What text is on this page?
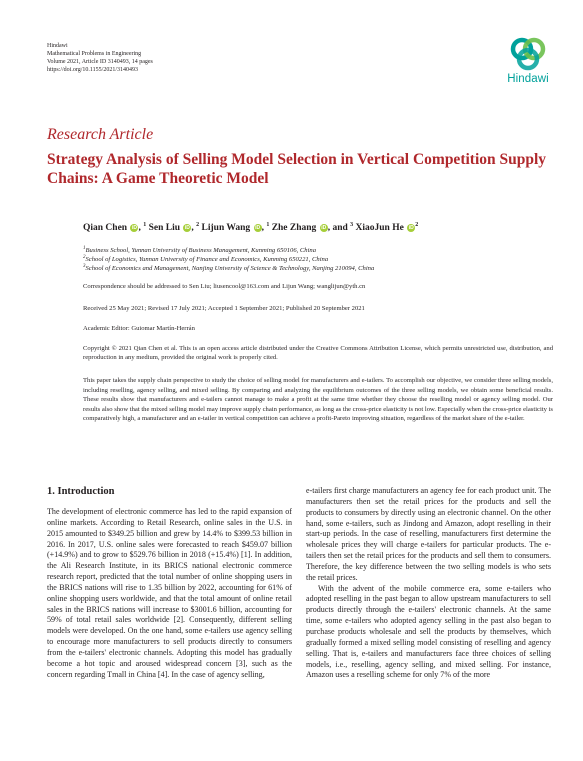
Hindawi
Mathematical Problems in Engineering
Volume 2021, Article ID 3140493, 14 pages
https://doi.org/10.1155/2021/3140493
Hindawi
Research Article
Strategy Analysis of Selling Model Selection in Vertical Competition Supply Chains: A Game Theoretic Model
Qian Chen iD , $^1$ Sen Liu iD , $^2$ Lijun Wang iD , $^1$ Zhe Zhang iD , and $^3$ XiaoJun He $iD^2$
$^1$Business School, Yunnan University of Business Management, Kunming 650106, China
$^2$School of Logistics, Yunnan University of Finance and Economics, Kunming 650221, China
$^3$School of Economics and Management, Nanjing University of Science & Technology, Nanjing 210094, China
Correspondence should be addressed to Sen Liu; liusencool@163.com and Lijun Wang; wanglijun@yth.cn
Received 25 May 2021; Revised 17 July 2021; Accepted 1 September 2021; Published 20 September 2021
Academic Editor: Guiomar Martín-Herrán
Copyright © 2021 Qian Chen et al. This is an open access article distributed under the Creative Commons Attribution License, which permits unrestricted use, distribution, and reproduction in any medium, provided the original work is properly cited.
This paper takes the supply chain perspective to study the choice of selling model for manufacturers and e-tailers. To accomplish our objective, we consider three selling models, including reselling, agency selling, and mixed selling. By comparing and analyzing the equilibrium outcomes of the three selling models, we obtain some beneficial results. These results show that manufacturers and e-tailers cannot manage to make a profit at the same time whether they choose the reselling model or agency selling model. Our results also show that the mixed selling model may improve supply chain performance, as long as the cross-price elasticity is not low. Especially when the cross-price elasticity is comparatively high, a manufacturer and an e-tailer in vertical competition can achieve a profit-Pareto improving situation, regardless of the market share of the e-tailer.
1. Introduction

The development of electronic commerce has led to the rapid expansion of online markets. According to Retail Research, online sales in the U.S. in 2015 amounted to $349.25 billion and grew by 14.4% to $399.53 billion in 2016. In 2017, U.S. online sales were forecasted to reach $459.07 billion (+14.9%) and to grow to $529.76 billion in 2018 (+15.4%) [1]. In addition, the Ali Research Institute, in its BRICS national electronic commerce research report, predicted that the total number of online shopping users in the BRICS nations will rise to 1.35 billion by 2022, accounting for 61% of online shopping users worldwide, and that the total amount of online retail sales in the BRICS nations will increase to $3001.6 billion, accounting for 59% of total retail sales worldwide [2]. Consequently, different selling models were developed. On the one hand, some e-tailers use agency selling to encourage more manufacturers to sell products directly to consumers from the e-tailers' electronic channels. Adopting this model has gradually become a hot topic and aroused widespread concern [3], such as the concern regarding Tmall in China [4]. In the case of agency selling,

e-tailers first charge manufacturers an agency fee for each product unit. The manufacturers then set the retail prices for the products and sell the products to consumers by directly using an electronic channel. On the other hand, some e-tailers, such as Jindong and Amazon, adopt reselling in their start-up periods. In the case of reselling, manufacturers first determine the wholesale prices they will charge e-tailers for particular products. The e-tailers then set the retail prices for the products and sell them to consumers. Therefore, the key difference between the two selling models is who sets the retail prices.

With the advent of the mobile commerce era, some e-tailers who adopted reselling in the past began to allow upstream manufacturers to sell products directly through the e-tailers' electronic channels. At the same time, some e-tailers who adopted agency selling in the past also began to purchase products wholesale and sell the products by themselves, which gradually formed a mixed selling model consisting of reselling and agency selling. That is, e-tailers and manufacturers face three choices of selling models, i.e., reselling, agency selling, and mixed selling. For instance, Amazon uses a reselling scheme for only 7% of the more
